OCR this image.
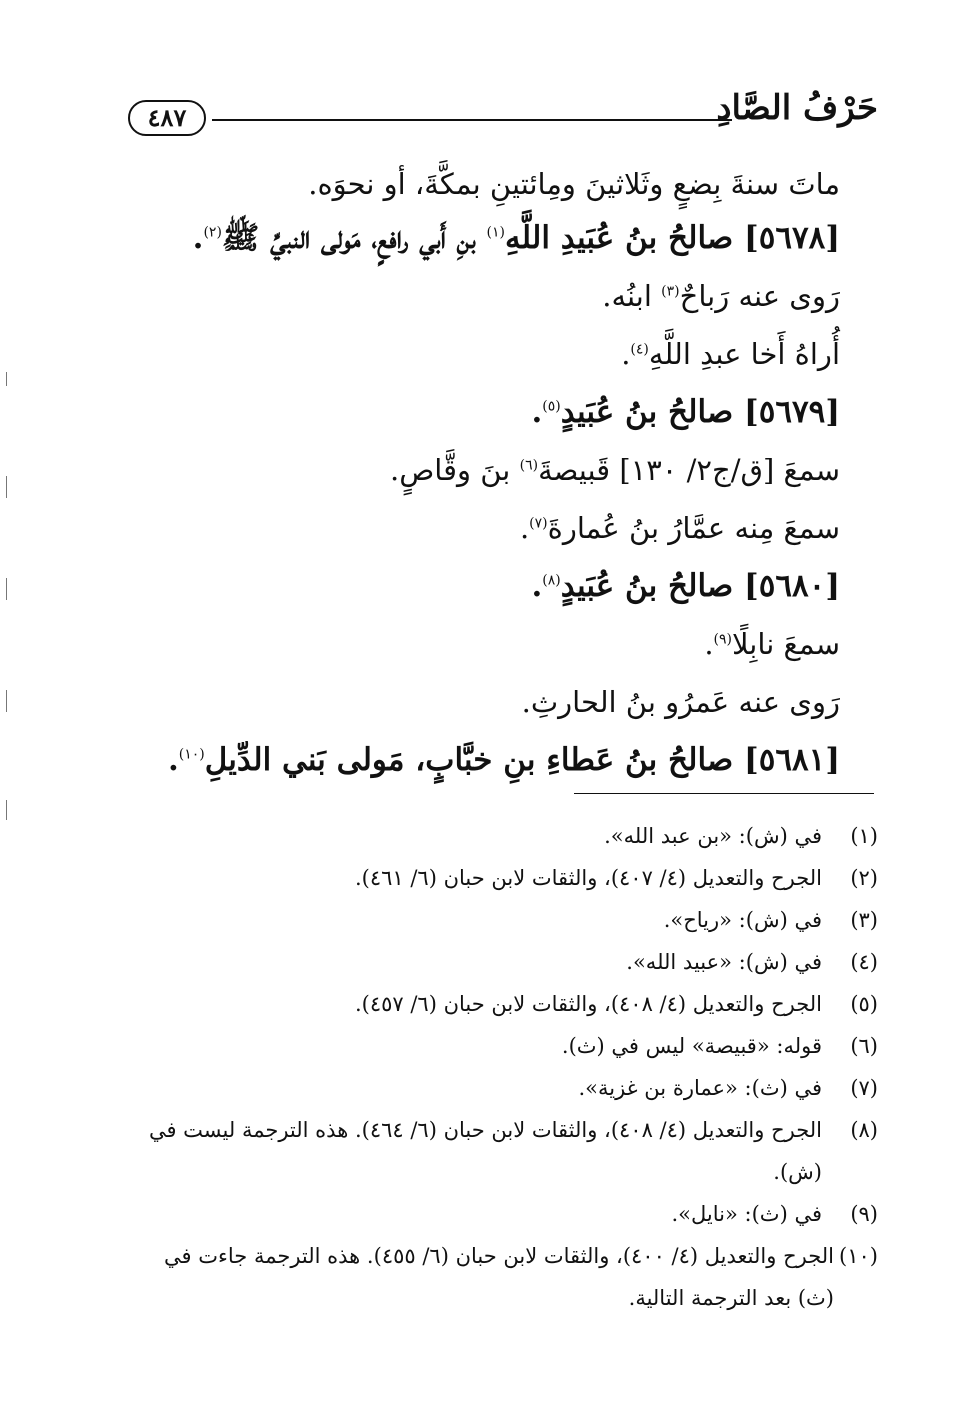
٤٨٧	حَرْفُ الصَّادِ
ماتَ سنةَ بِضعٍ وثَلاثينَ ومِائتينِ بمكَّةَ، أو نحوَه.
[٥٦٧٨] صالحُ بنُ عُبَيدِ اللَّهِ$^{(١)}$ بنِ أَبي رافعٍ، مَولى النبيِّ ﷺ$^{(٢)}$.
رَوى عنه رَباحٌ$^{(٣)}$ ابنُه.
أُراهُ أَخا عبدِ اللَّهِ$^{(٤)}$.
[٥٦٧٩] صالحُ بنُ عُبَيدٍ$^{(٥)}$.
سمعَ [ق/ج٢/ ١٣٠] قَبيصةَ$^{(٦)}$ بنَ وقَّاصٍ.
سمعَ مِنه عمَّارُ بنُ عُمارةَ$^{(٧)}$.
[٥٦٨٠] صالحُ بنُ عُبَيدٍ$^{(٨)}$.
سمعَ نابِلًا$^{(٩)}$.
رَوى عنه عَمرُو بنُ الحارثِ.
[٥٦٨١] صالحُ بنُ عَطاءِ بنِ خبَّابٍ، مَولى بَني الدِّيلِ$^{(١٠)}$.
(١)
في (ش): «بن عبد الله».
(٢)
الجرح والتعديل (٤/ ٤٠٧)، والثقات لابن حبان (٦/ ٤٦١).
(٣)
في (ش): «رياح».
(٤)
في (ش): «عبيد الله».
(٥)
الجرح والتعديل (٤/ ٤٠٨)، والثقات لابن حبان (٦/ ٤٥٧).
(٦)
قوله: «قبيصة» ليس في (ث).
(٧)
في (ث): «عمارة بن غزية».
(٨)
الجرح والتعديل (٤/ ٤٠٨)، والثقات لابن حبان (٦/ ٤٦٤). هذه الترجمة ليست في (ش).
(٩)
في (ث): «نايل».
(١٠)
الجرح والتعديل (٤/ ٤٠٠)، والثقات لابن حبان (٦/ ٤٥٥). هذه الترجمة جاءت في (ث) بعد الترجمة التالية.
